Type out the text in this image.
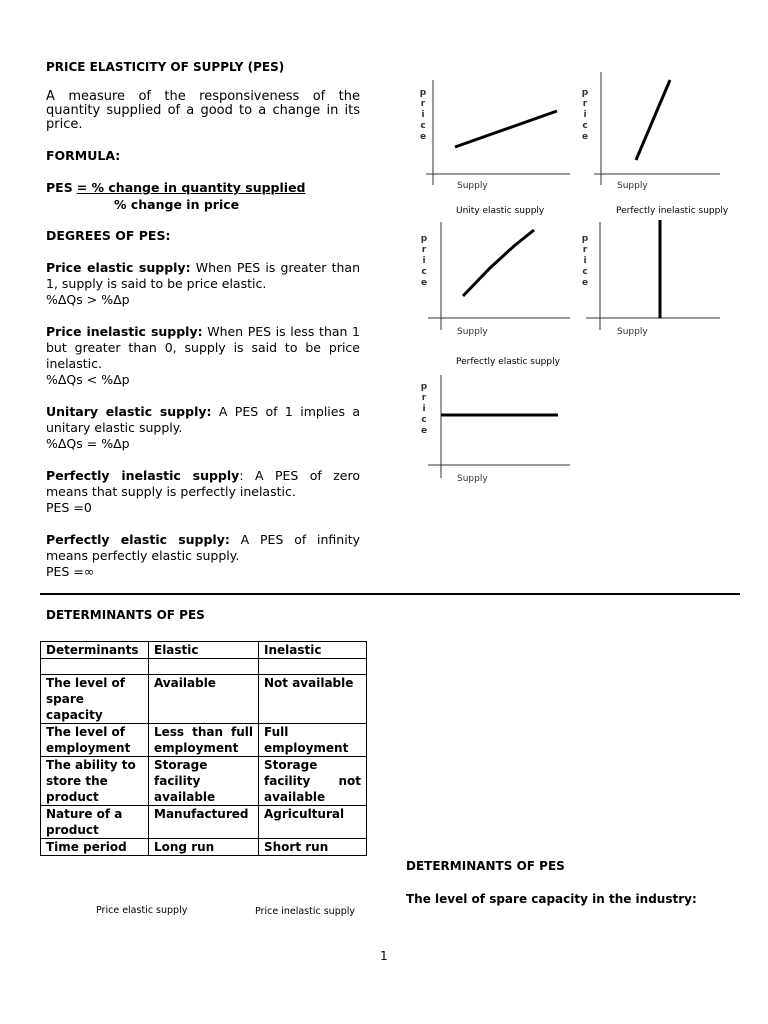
PRICE ELASTICITY OF SUPPLY (PES)

A measure of the responsiveness of the quantity supplied of a good to a change in its price.

FORMULA:

PES = % change in quantity supplied
% change in price

DEGREES OF PES:

Price elastic supply: When PES is greater than 1, supply is said to be price elastic.

%ΔQs > %Δp

Price inelastic supply: When PES is less than 1 but greater than 0, supply is said to be price inelastic.

%ΔQs < %Δp

Unitary elastic supply: A PES of 1 implies a unitary elastic supply.

%ΔQs = %Δp

Perfectly inelastic supply: A PES of zero means that supply is perfectly inelastic.

PES =0

Perfectly elastic supply: A PES of infinity means perfectly elastic supply.

PES =∞

p
r
i
c
e
Supply
p
r
i
c
e
Supply
Unity elastic supply	Perfectly inelastic supply
p
r
i
c
e
Supply
p
r
i
c
e
Supply
Perfectly elastic supply
p
r
i
c
e
Supply
DETERMINANTS OF PES
Determinants	Elastic	Inelastic

The level of spare capacity	Available	Not available
The level of employment	Less than full employment	Full employment
The ability to store the product	Storage facility available	Storage facility not available
Nature of a product	Manufactured	Agricultural
Time period	Long run	Short run
DETERMINANTS OF PES
The level of spare capacity in the industry:
Price elastic supply	Price inelastic supply
1
